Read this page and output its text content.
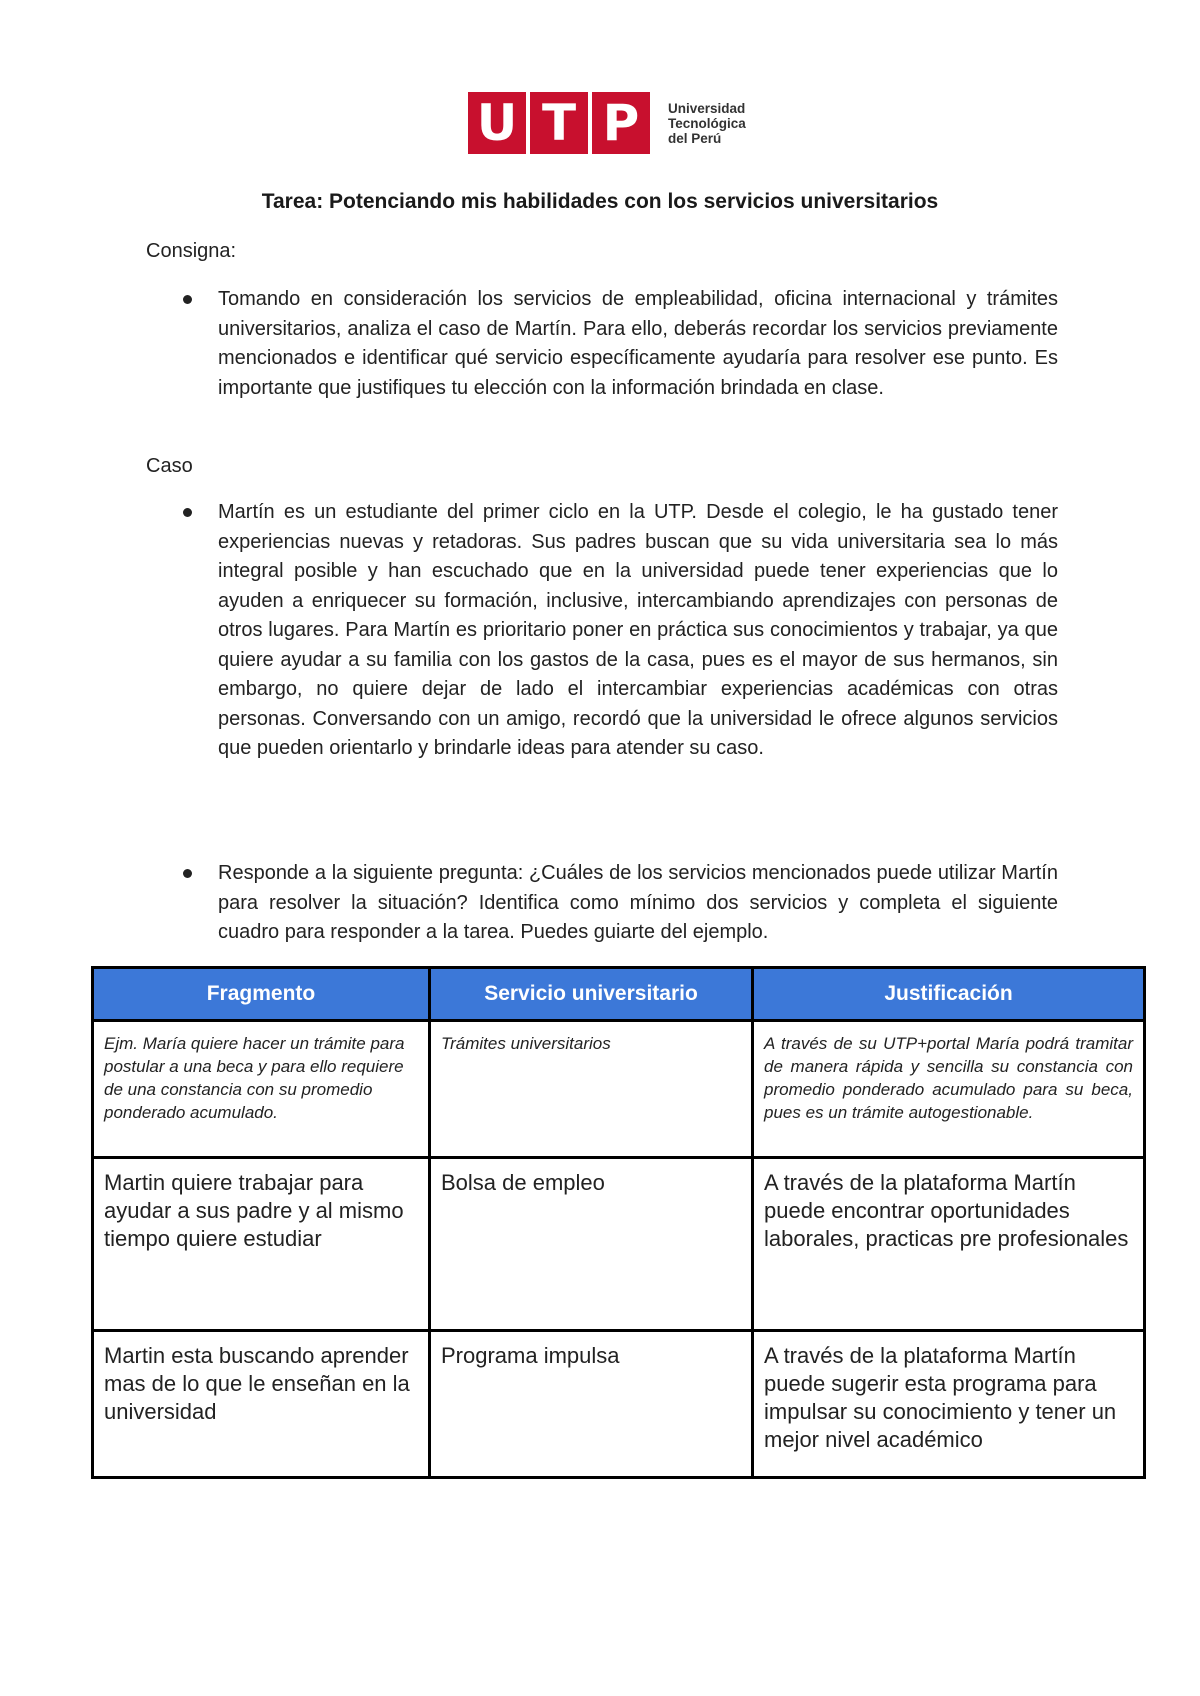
U T P	Universidad
Tecnológica
del Perú
Tarea: Potenciando mis habilidades con los servicios universitarios
Consigna:
Tomando en consideración los servicios de empleabilidad, oficina internacional y trámites universitarios, analiza el caso de Martín. Para ello, deberás recordar los servicios previamente mencionados e identificar qué servicio específicamente ayudaría para resolver ese punto. Es importante que justifiques tu elección con la información brindada en clase.
Caso
Martín es un estudiante del primer ciclo en la UTP. Desde el colegio, le ha gustado tener experiencias nuevas y retadoras. Sus padres buscan que su vida universitaria sea lo más integral posible y han escuchado que en la universidad puede tener experiencias que lo ayuden a enriquecer su formación, inclusive, intercambiando aprendizajes con personas de otros lugares. Para Martín es prioritario poner en práctica sus conocimientos y trabajar, ya que quiere ayudar a su familia con los gastos de la casa, pues es el mayor de sus hermanos, sin embargo, no quiere dejar de lado el intercambiar experiencias académicas con otras personas. Conversando con un amigo, recordó que la universidad le ofrece algunos servicios que pueden orientarlo y brindarle ideas para atender su caso.
Responde a la siguiente pregunta: ¿Cuáles de los servicios mencionados puede utilizar Martín para resolver la situación? Identifica como mínimo dos servicios y completa el siguiente cuadro para responder a la tarea. Puedes guiarte del ejemplo.
Fragmento	Servicio universitario	Justificación
Ejm. María quiere hacer un trámite para postular a una beca y para ello requiere de una constancia con su promedio ponderado acumulado.	Trámites universitarios	A través de su UTP+portal María podrá tramitar de manera rápida y sencilla su constancia con promedio ponderado acumulado para su beca, pues es un trámite autogestionable.
Martin quiere trabajar para ayudar a sus padre y al mismo tiempo quiere estudiar	Bolsa de empleo	A través de la plataforma Martín puede encontrar oportunidades laborales, practicas pre profesionales
Martin esta buscando aprender mas de lo que le enseñan en la universidad	Programa impulsa	A través de la plataforma Martín puede sugerir esta programa para impulsar su conocimiento y tener un mejor nivel académico
